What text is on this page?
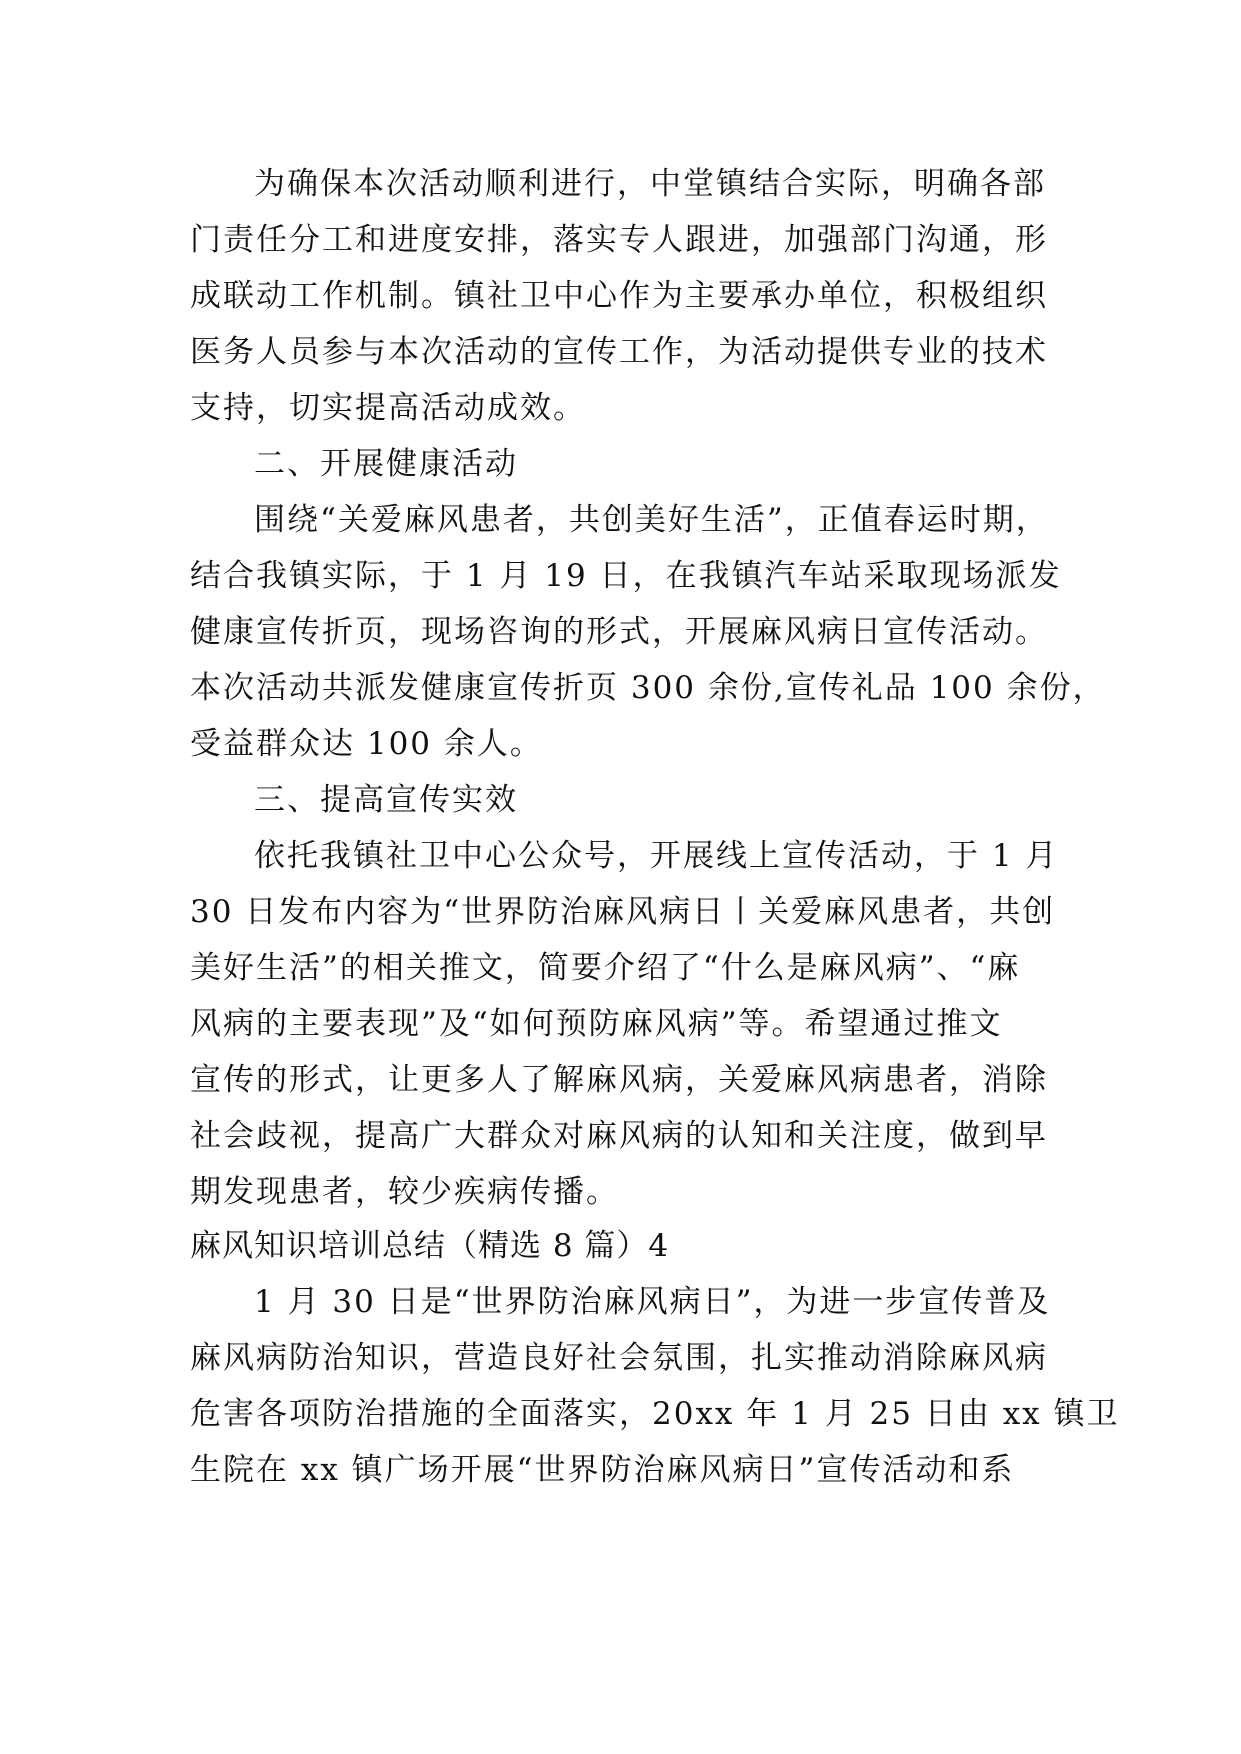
为确保本次活动顺利进行，中堂镇结合实际，明确各部
门责任分工和进度安排，落实专人跟进，加强部门沟通，形
成联动工作机制。镇社卫中心作为主要承办单位，积极组织
医务人员参与本次活动的宣传工作，为活动提供专业的技术
支持，切实提高活动成效。
二、开展健康活动
围绕“关爱麻风患者，共创美好生活”，正值春运时期，
结合我镇实际，于 1 月 19 日，在我镇汽车站采取现场派发
健康宣传折页，现场咨询的形式，开展麻风病日宣传活动。
本次活动共派发健康宣传折页 300 余份,宣传礼品 100 余份，
受益群众达 100 余人。
三、提高宣传实效
依托我镇社卫中心公众号，开展线上宣传活动，于 1 月
30 日发布内容为“世界防治麻风病日丨关爱麻风患者，共创
美好生活”的相关推文，简要介绍了“什么是麻风病”、“麻
风病的主要表现”及“如何预防麻风病”等。希望通过推文
宣传的形式，让更多人了解麻风病，关爱麻风病患者，消除
社会歧视，提高广大群众对麻风病的认知和关注度，做到早
期发现患者，较少疾病传播。
麻风知识培训总结（精选 8 篇）4
1 月 30 日是“世界防治麻风病日”，为进一步宣传普及
麻风病防治知识，营造良好社会氛围，扎实推动消除麻风病
危害各项防治措施的全面落实，20xx 年 1 月 25 日由 xx 镇卫
生院在 xx 镇广场开展“世界防治麻风病日”宣传活动和系
